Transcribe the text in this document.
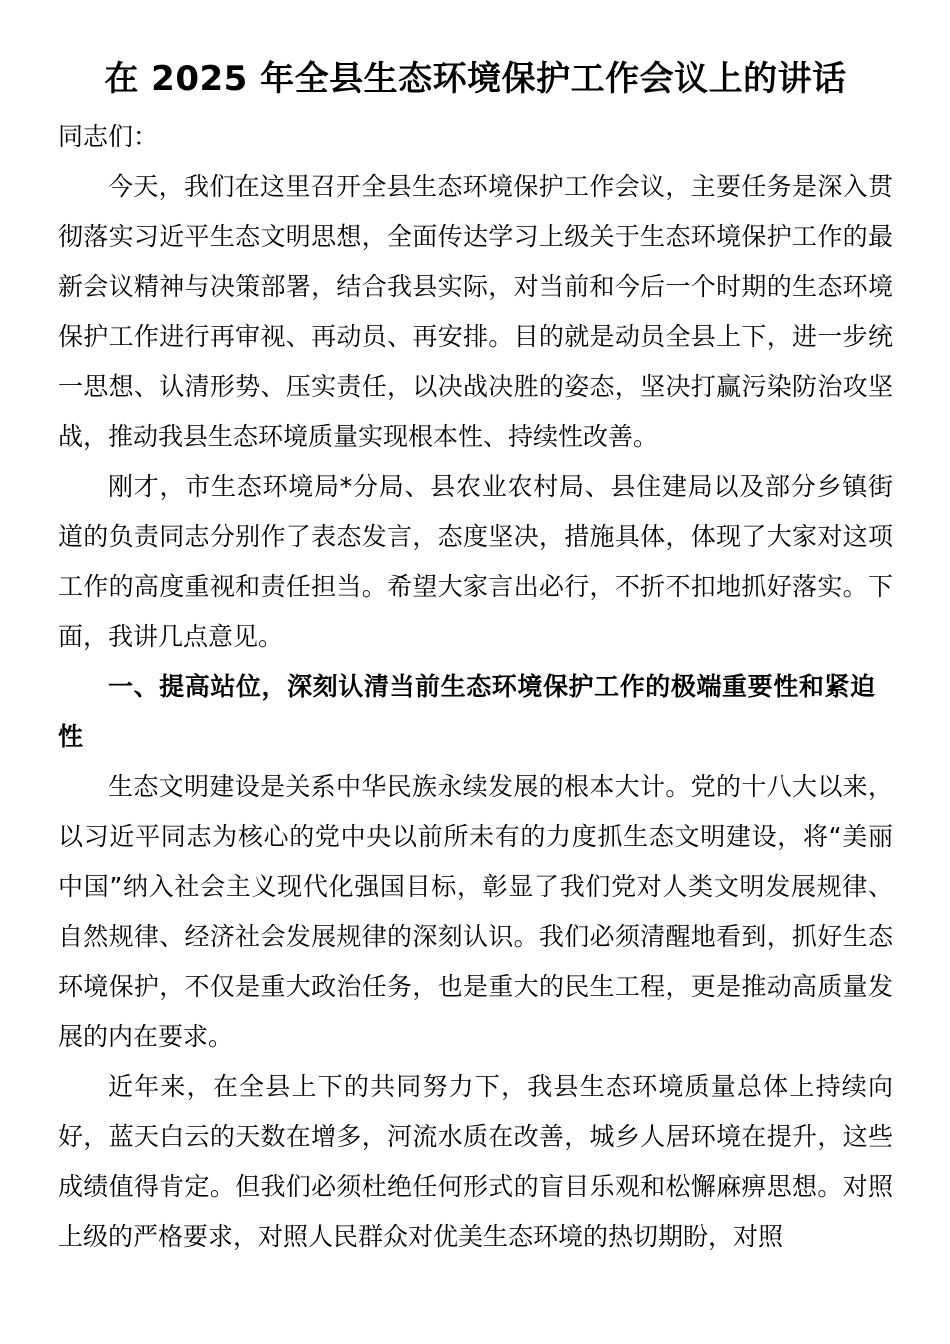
在 2025 年全县生态环境保护工作会议上的讲话

同志们：

今天，我们在这里召开全县生态环境保护工作会议，主要任务是深入贯彻落实习近平生态文明思想，全面传达学习上级关于生态环境保护工作的最新会议精神与决策部署，结合我县实际，对当前和今后一个时期的生态环境保护工作进行再审视、再动员、再安排。目的就是动员全县上下，进一步统一思想、认清形势、压实责任，以决战决胜的姿态，坚决打赢污染防治攻坚战，推动我县生态环境质量实现根本性、持续性改善。

刚才，市生态环境局*分局、县农业农村局、县住建局以及部分乡镇街道的负责同志分别作了表态发言，态度坚决，措施具体，体现了大家对这项工作的高度重视和责任担当。希望大家言出必行，不折不扣地抓好落实。下面，我讲几点意见。

一、提高站位，深刻认清当前生态环境保护工作的极端重要性和紧迫性

生态文明建设是关系中华民族永续发展的根本大计。党的十八大以来，以习近平同志为核心的党中央以前所未有的力度抓生态文明建设，将“美丽中国”纳入社会主义现代化强国目标，彰显了我们党对人类文明发展规律、自然规律、经济社会发展规律的深刻认识。我们必须清醒地看到，抓好生态环境保护，不仅是重大政治任务，也是重大的民生工程，更是推动高质量发展的内在要求。

近年来，在全县上下的共同努力下，我县生态环境质量总体上持续向好，蓝天白云的天数在增多，河流水质在改善，城乡人居环境在提升，这些成绩值得肯定。但我们必须杜绝任何形式的盲目乐观和松懈麻痹思想。对照上级的严格要求，对照人民群众对优美生态环境的热切期盼，对照
